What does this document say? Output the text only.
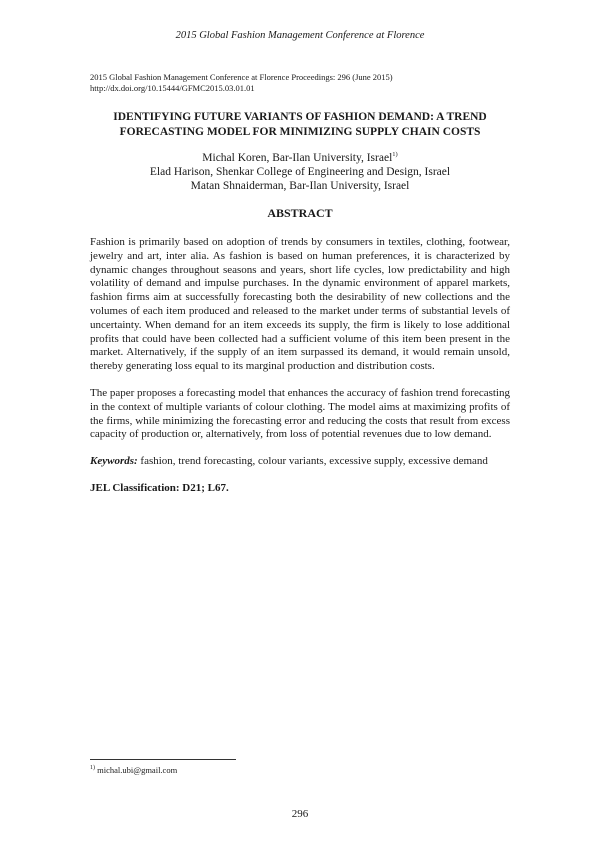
2015 Global Fashion Management Conference at Florence
2015 Global Fashion Management Conference at Florence Proceedings: 296 (June 2015)
http://dx.doi.org/10.15444/GFMC2015.03.01.01
IDENTIFYING FUTURE VARIANTS OF FASHION DEMAND: A TREND
FORECASTING MODEL FOR MINIMIZING SUPPLY CHAIN COSTS
Michal Koren, Bar-Ilan University, Israel$^{1)}$
Elad Harison, Shenkar College of Engineering and Design, Israel
Matan Shnaiderman, Bar-Ilan University, Israel
ABSTRACT

Fashion is primarily based on adoption of trends by consumers in textiles, clothing, footwear, jewelry and art, inter alia. As fashion is based on human preferences, it is characterized by dynamic changes throughout seasons and years, short life cycles, low predictability and high volatility of demand and impulse purchases. In the dynamic environment of apparel markets, fashion firms aim at successfully forecasting both the desirability of new collections and the volumes of each item produced and released to the market under terms of substantial levels of uncertainty. When demand for an item exceeds its supply, the firm is likely to lose additional profits that could have been collected had a sufficient volume of this item been present in the market. Alternatively, if the supply of an item surpassed its demand, it would remain unsold, thereby generating loss equal to its marginal production and distribution costs.

The paper proposes a forecasting model that enhances the accuracy of fashion trend forecasting in the context of multiple variants of colour clothing. The model aims at maximizing profits of the firms, while minimizing the forecasting error and reducing the costs that result from excess capacity of production or, alternatively, from loss of potential revenues due to low demand.

Keywords: fashion, trend forecasting, colour variants, excessive supply, excessive demand

JEL Classification: D21; L67.

$^{1)}$ michal.ubi@gmail.com
296
